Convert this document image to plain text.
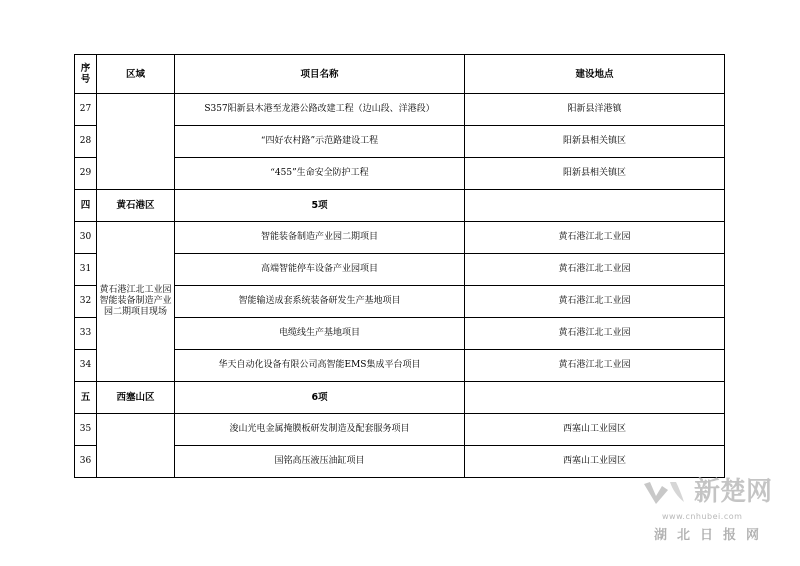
序号	区域	项目名称	建设地点
27		S357阳新县木港至龙港公路改建工程（边山段、洋港段）	阳新县洋港镇
28		“四好农村路”示范路建设工程	阳新县相关镇区
29		“455”生命安全防护工程	阳新县相关镇区
四	黄石港区	5项	
30	黄石港江北工业园智能装备制造产业园二期项目现场	智能装备制造产业园二期项目	黄石港江北工业园
31		高端智能停车设备产业园项目	黄石港江北工业园
32		智能输送成套系统装备研发生产基地项目	黄石港江北工业园
33		电缆线生产基地项目	黄石港江北工业园
34		华天自动化设备有限公司高智能EMS集成平台项目	黄石港江北工业园
五	西塞山区	6项	
35		浚山光电金属掩膜板研发制造及配套服务项目	西塞山工业园区
36		国铭高压液压油缸项目	西塞山工业园区
新楚网
www.cnhubei.com
湖北日报网
